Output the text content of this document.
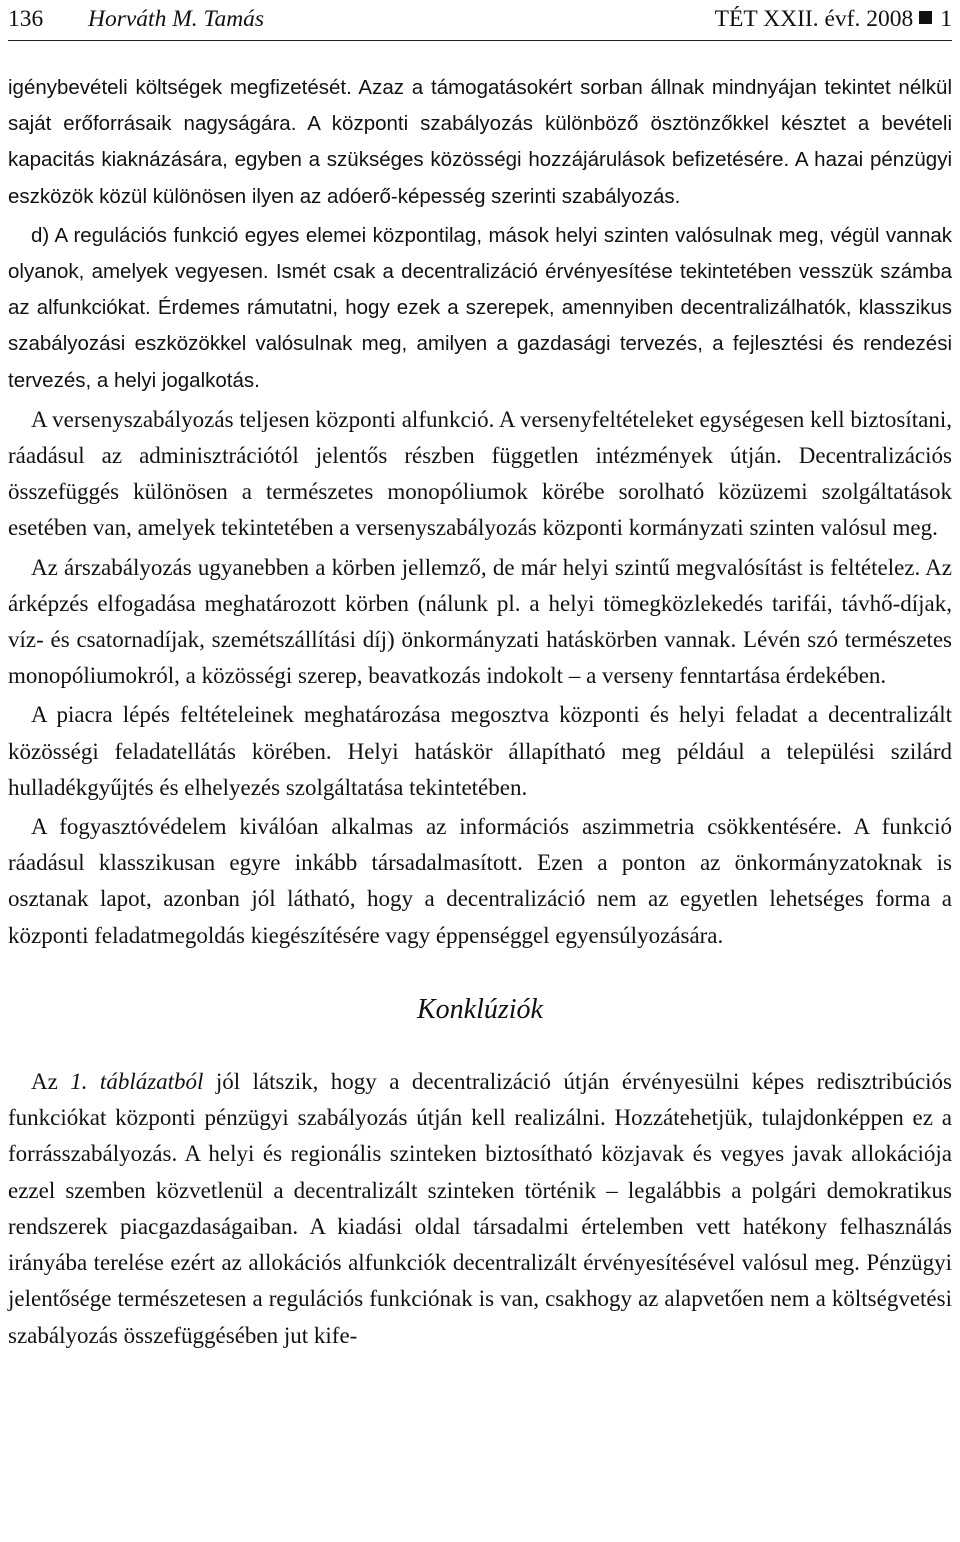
136 Horváth M. Tamás	TÉT XXII. évf. 2008 1

igénybevételi költségek megfizetését. Azaz a támogatásokért sorban állnak mindnyájan tekintet nélkül saját erőforrásaik nagyságára. A központi szabályozás különböző ösztönzőkkel késztet a bevételi kapacitás kiaknázására, egyben a szükséges közösségi hozzájárulások befizetésére. A hazai pénzügyi eszközök közül különösen ilyen az adóerő-képesség szerinti szabályozás.

d) A regulációs funkció egyes elemei központilag, mások helyi szinten valósulnak meg, végül vannak olyanok, amelyek vegyesen. Ismét csak a decentralizáció érvényesítése tekintetében vesszük számba az alfunkciókat. Érdemes rámutatni, hogy ezek a szerepek, amennyiben decentralizálhatók, klasszikus szabályozási eszközökkel valósulnak meg, amilyen a gazdasági tervezés, a fejlesztési és rendezési tervezés, a helyi jogalkotás.

A versenyszabályozás teljesen központi alfunkció. A versenyfeltételeket egységesen kell biztosítani, ráadásul az adminisztrációtól jelentős részben független intézmények útján. Decentralizációs összefüggés különösen a természetes monopóliumok körébe sorolható közüzemi szolgáltatások esetében van, amelyek tekintetében a versenyszabályozás központi kormányzati szinten valósul meg.

Az árszabályozás ugyanebben a körben jellemző, de már helyi szintű megvalósítást is feltételez. Az árképzés elfogadása meghatározott körben (nálunk pl. a helyi tömegközlekedés tarifái, távhő-díjak, víz- és csatornadíjak, szemétszállítási díj) önkormányzati hatáskörben vannak. Lévén szó természetes monopóliumokról, a közösségi szerep, beavatkozás indokolt – a verseny fenntartása érdekében.

A piacra lépés feltételeinek meghatározása megosztva központi és helyi feladat a decentralizált közösségi feladatellátás körében. Helyi hatáskör állapítható meg például a települési szilárd hulladékgyűjtés és elhelyezés szolgáltatása tekintetében.

A fogyasztóvédelem kiválóan alkalmas az információs aszimmetria csökkentésére. A funkció ráadásul klasszikusan egyre inkább társadalmasított. Ezen a ponton az önkormányzatoknak is osztanak lapot, azonban jól látható, hogy a decentralizáció nem az egyetlen lehetséges forma a központi feladatmegoldás kiegészítésére vagy éppenséggel egyensúlyozására.

Konklúziók

Az 1. táblázatból jól látszik, hogy a decentralizáció útján érvényesülni képes redisztribúciós funkciókat központi pénzügyi szabályozás útján kell realizálni. Hozzátehetjük, tulajdonképpen ez a forrásszabályozás. A helyi és regionális szinteken biztosítható közjavak és vegyes javak allokációja ezzel szemben közvetlenül a decentralizált szinteken történik – legalábbis a polgári demokratikus rendszerek piacgazdaságaiban. A kiadási oldal társadalmi értelemben vett hatékony felhasználás irányába terelése ezért az allokációs alfunkciók decentralizált érvényesítésével valósul meg. Pénzügyi jelentősége természetesen a regulációs funkciónak is van, csakhogy az alapvetően nem a költségvetési szabályozás összefüggésében jut kife-
